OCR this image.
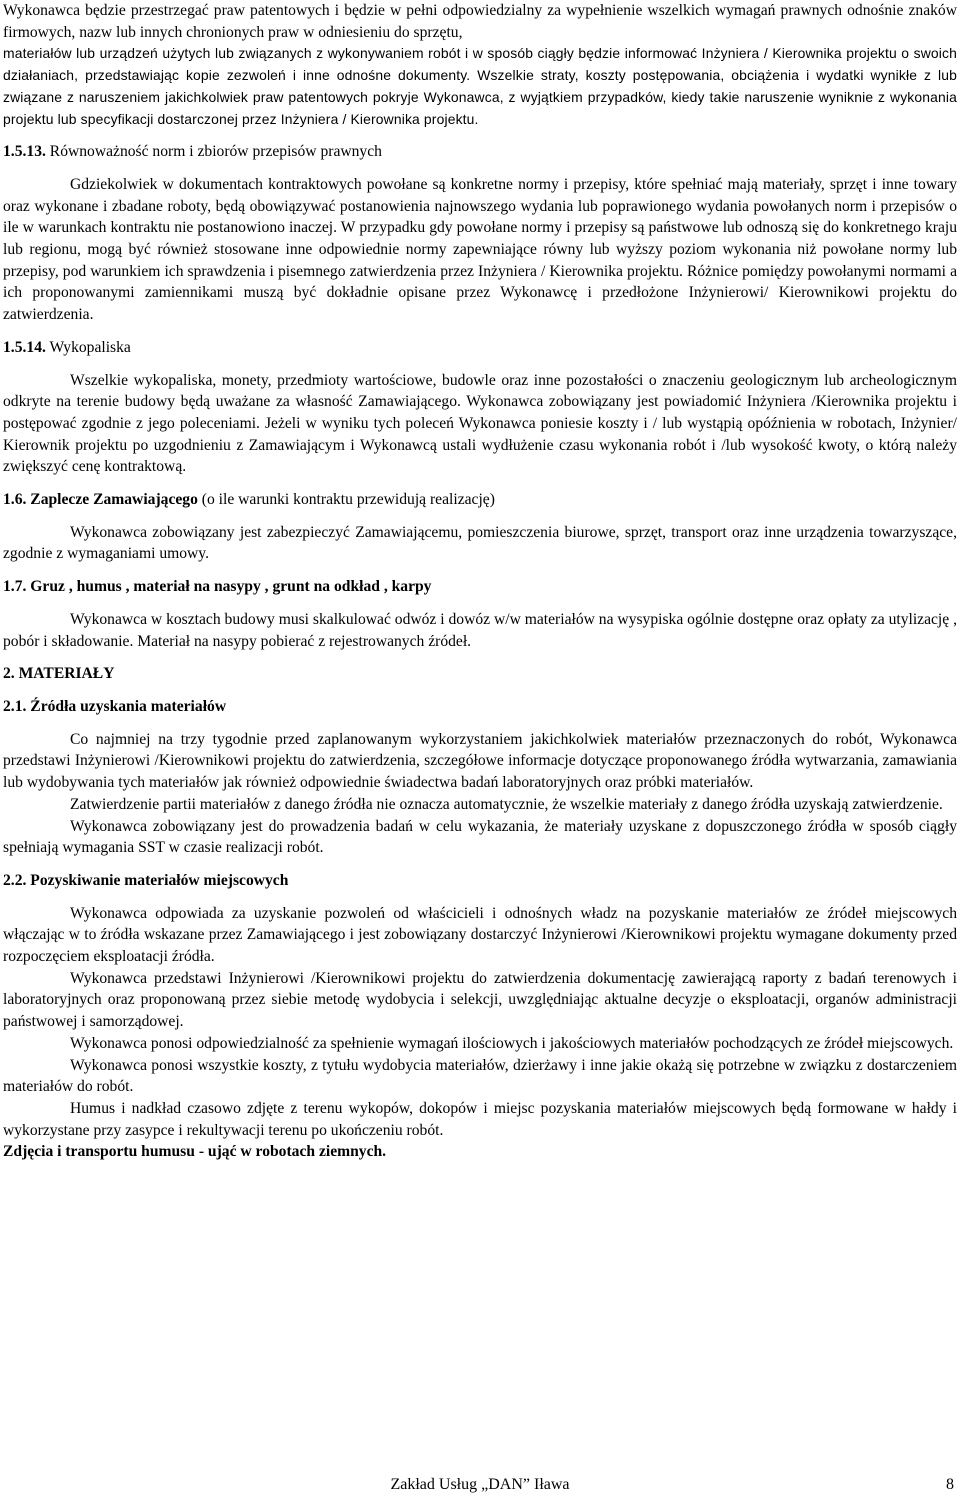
Wykonawca będzie przestrzegać praw patentowych i będzie w pełni odpowiedzialny za wypełnienie wszelkich wymagań prawnych odnośnie znaków firmowych, nazw lub innych chronionych praw w odniesieniu do sprzętu,

materiałów lub urządzeń użytych lub związanych z wykonywaniem robót i w sposób ciągły będzie informować Inżyniera / Kierownika projektu o swoich działaniach, przedstawiając kopie zezwoleń i inne odnośne dokumenty. Wszelkie straty, koszty postępowania, obciążenia i wydatki wynikłe z lub związane z naruszeniem jakichkolwiek praw patentowych pokryje Wykonawca, z wyjątkiem przypadków, kiedy takie naruszenie wyniknie z wykonania projektu lub specyfikacji dostarczonej przez Inżyniera / Kierownika projektu.

1.5.13. Równoważność norm i zbiorów przepisów prawnych

Gdziekolwiek w dokumentach kontraktowych powołane są konkretne normy i przepisy, które spełniać mają materiały, sprzęt i inne towary oraz wykonane i zbadane roboty, będą obowiązywać postanowienia najnowszego wydania lub poprawionego wydania powołanych norm i przepisów o ile w warunkach kontraktu nie postanowiono inaczej. W przypadku gdy powołane normy i przepisy są państwowe lub odnoszą się do konkretnego kraju lub regionu, mogą być również stosowane inne odpowiednie normy zapewniające równy lub wyższy poziom wykonania niż powołane normy lub przepisy, pod warunkiem ich sprawdzenia i pisemnego zatwierdzenia przez Inżyniera / Kierownika projektu. Różnice pomiędzy powołanymi normami a ich proponowanymi zamiennikami muszą być dokładnie opisane przez Wykonawcę i przedłożone Inżynierowi/ Kierownikowi projektu do zatwierdzenia.

1.5.14. Wykopaliska

Wszelkie wykopaliska, monety, przedmioty wartościowe, budowle oraz inne pozostałości o znaczeniu geologicznym lub archeologicznym odkryte na terenie budowy będą uważane za własność Zamawiającego. Wykonawca zobowiązany jest powiadomić Inżyniera /Kierownika projektu i postępować zgodnie z jego poleceniami. Jeżeli w wyniku tych poleceń Wykonawca poniesie koszty i / lub wystąpią opóźnienia w robotach, Inżynier/ Kierownik projektu po uzgodnieniu z Zamawiającym i Wykonawcą ustali wydłużenie czasu wykonania robót i /lub wysokość kwoty, o którą należy zwiększyć cenę kontraktową.

1.6. Zaplecze Zamawiającego (o ile warunki kontraktu przewidują realizację)

Wykonawca zobowiązany jest zabezpieczyć Zamawiającemu, pomieszczenia biurowe, sprzęt, transport oraz inne urządzenia towarzyszące, zgodnie z wymaganiami umowy.

1.7. Gruz , humus , materiał na nasypy , grunt na odkład , karpy

Wykonawca w kosztach budowy musi skalkulować odwóz i dowóz w/w materiałów na wysypiska ogólnie dostępne oraz opłaty za utylizację , pobór i składowanie. Materiał na nasypy pobierać z rejestrowanych źródeł.

2. MATERIAŁY

2.1. Źródła uzyskania materiałów

Co najmniej na trzy tygodnie przed zaplanowanym wykorzystaniem jakichkolwiek materiałów przeznaczonych do robót, Wykonawca przedstawi Inżynierowi /Kierownikowi projektu do zatwierdzenia, szczegółowe informacje dotyczące proponowanego źródła wytwarzania, zamawiania lub wydobywania tych materiałów jak również odpowiednie świadectwa badań laboratoryjnych oraz próbki materiałów.

Zatwierdzenie partii materiałów z danego źródła nie oznacza automatycznie, że wszelkie materiały z danego źródła uzyskają zatwierdzenie.

Wykonawca zobowiązany jest do prowadzenia badań w celu wykazania, że materiały uzyskane z dopuszczonego źródła w sposób ciągły spełniają wymagania SST w czasie realizacji robót.

2.2. Pozyskiwanie materiałów miejscowych

Wykonawca odpowiada za uzyskanie pozwoleń od właścicieli i odnośnych władz na pozyskanie materiałów ze źródeł miejscowych włączając w to źródła wskazane przez Zamawiającego i jest zobowiązany dostarczyć Inżynierowi /Kierownikowi projektu wymagane dokumenty przed rozpoczęciem eksploatacji źródła.

Wykonawca przedstawi Inżynierowi /Kierownikowi projektu do zatwierdzenia dokumentację zawierającą raporty z badań terenowych i laboratoryjnych oraz proponowaną przez siebie metodę wydobycia i selekcji, uwzględniając aktualne decyzje o eksploatacji, organów administracji państwowej i samorządowej.

Wykonawca ponosi odpowiedzialność za spełnienie wymagań ilościowych i jakościowych materiałów pochodzących ze źródeł miejscowych.

Wykonawca ponosi wszystkie koszty, z tytułu wydobycia materiałów, dzierżawy i inne jakie okażą się potrzebne w związku z dostarczeniem materiałów do robót.

Humus i nadkład czasowo zdjęte z terenu wykopów, dokopów i miejsc pozyskania materiałów miejscowych będą formowane w hałdy i wykorzystane przy zasypce i rekultywacji terenu po ukończeniu robót.

Zdjęcia i transportu humusu - ująć w robotach ziemnych.

Zakład Usług „DAN” Iława	8
